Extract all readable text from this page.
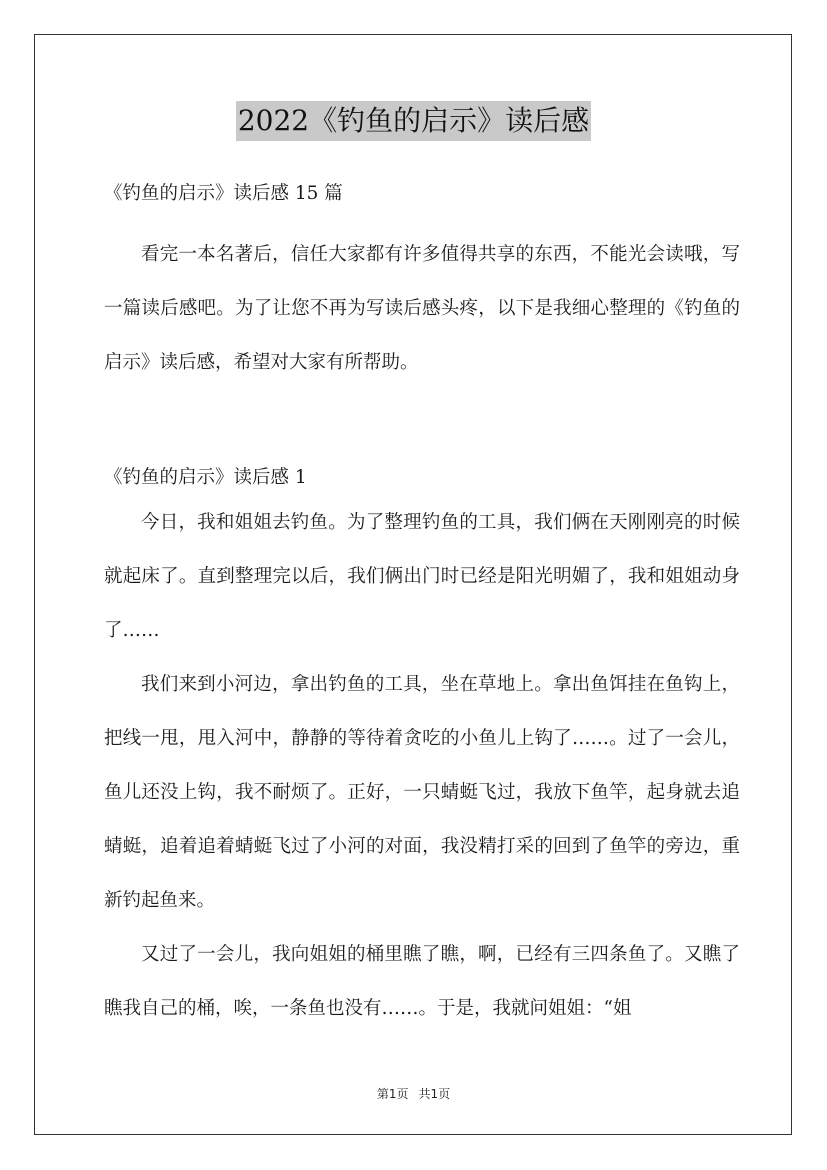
2022《钓鱼的启示》读后感

《钓鱼的启示》读后感 15 篇

看完一本名著后，信任大家都有许多值得共享的东西，不能光会读哦，写一篇读后感吧。为了让您不再为写读后感头疼，以下是我细心整理的《钓鱼的启示》读后感，希望对大家有所帮助。

《钓鱼的启示》读后感 1

今日，我和姐姐去钓鱼。为了整理钓鱼的工具，我们俩在天刚刚亮的时候就起床了。直到整理完以后，我们俩出门时已经是阳光明媚了，我和姐姐动身了……

我们来到小河边，拿出钓鱼的工具，坐在草地上。拿出鱼饵挂在鱼钩上，把线一甩，甩入河中，静静的等待着贪吃的小鱼儿上钩了……。过了一会儿，鱼儿还没上钩，我不耐烦了。正好，一只蜻蜓飞过，我放下鱼竿，起身就去追蜻蜓，追着追着蜻蜓飞过了小河的对面，我没精打采的回到了鱼竿的旁边，重新钓起鱼来。

又过了一会儿，我向姐姐的桶里瞧了瞧，啊，已经有三四条鱼了。又瞧了瞧我自己的桶，唉，一条鱼也没有……。于是，我就问姐姐：“姐

第1页 共1页
